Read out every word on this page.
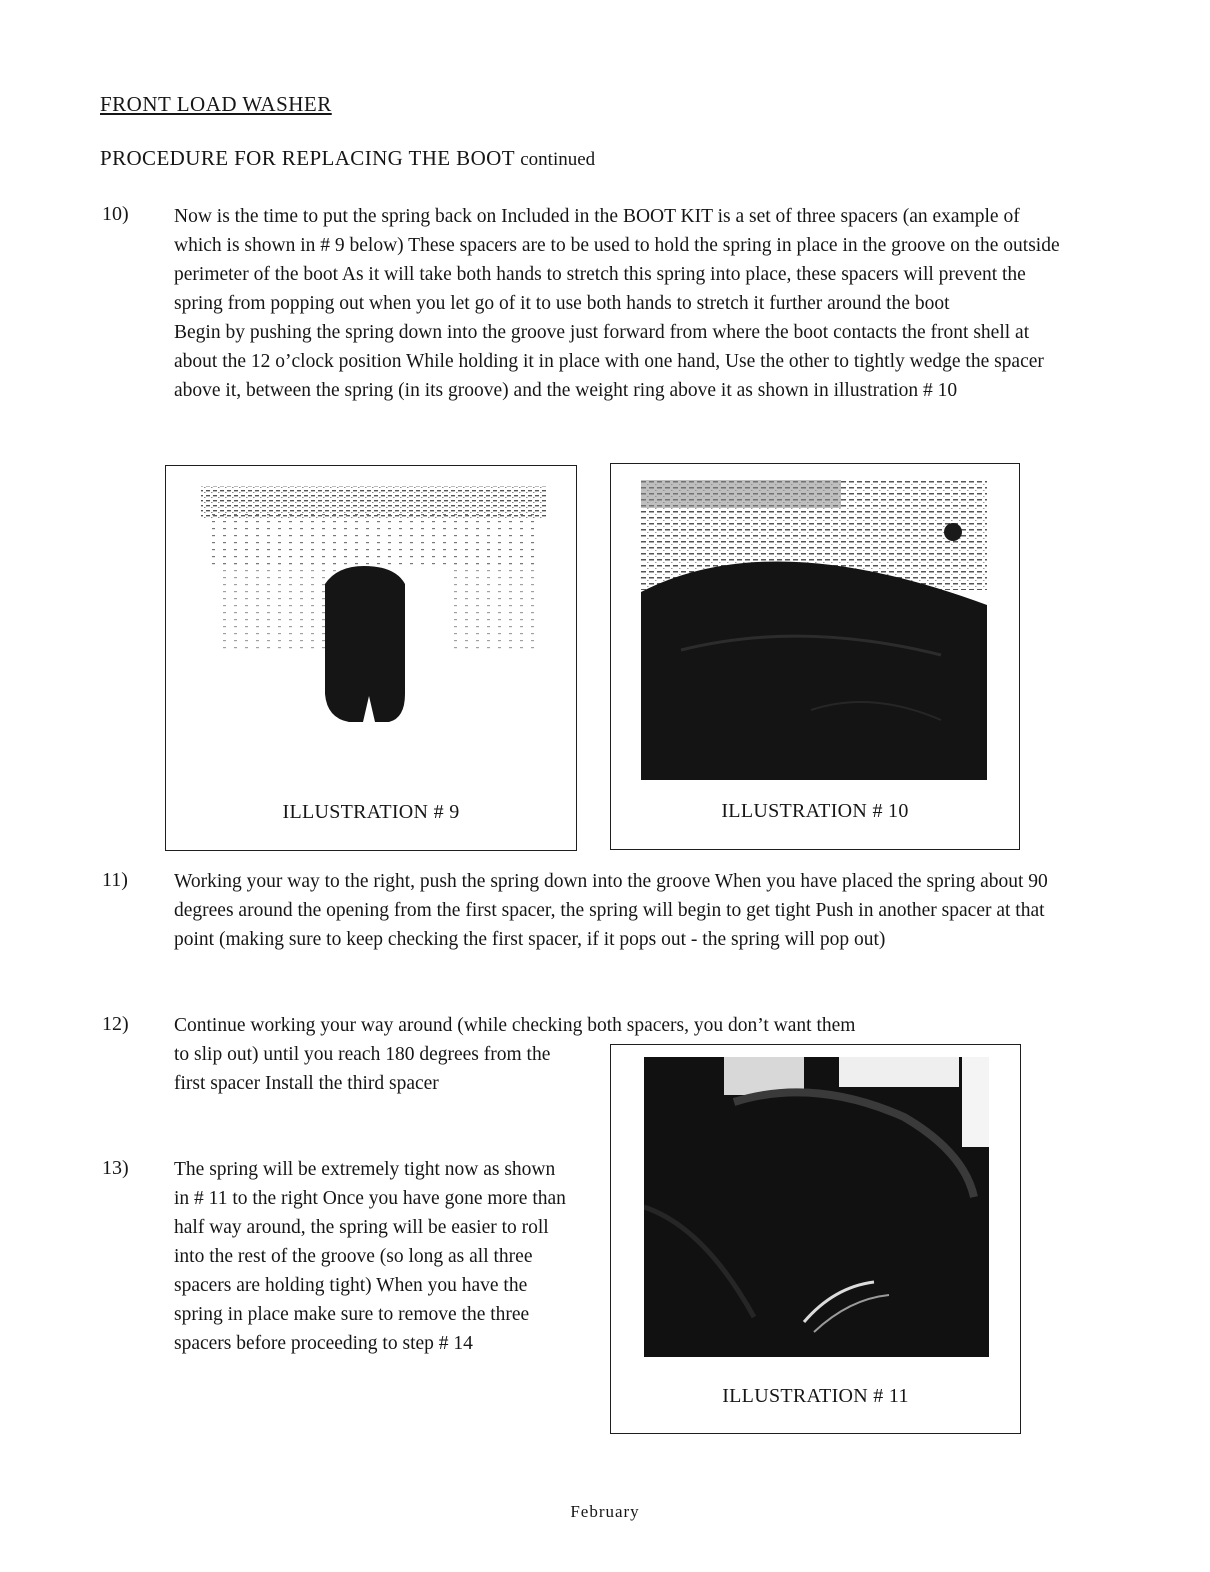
FRONT LOAD WASHER
PROCEDURE FOR REPLACING THE BOOT continued
10) Now is the time to put the spring back on Included in the BOOT KIT is a set of three spacers (an example of which is shown in # 9 below) These spacers are to be used to hold the spring in place in the groove on the outside perimeter of the boot As it will take both hands to stretch this spring into place, these spacers will prevent the spring from popping out when you let go of it to use both hands to stretch it further around the boot

Begin by pushing the spring down into the groove just forward from where the boot contacts the front shell at about the 12 o’clock position While holding it in place with one hand, Use the other to tightly wedge the spacer above it, between the spring (in its groove) and the weight ring above it as shown in illustration # 10

ILLUSTRATION # 9	ILLUSTRATION # 10
11) Working your way to the right, push the spring down into the groove When you have placed the spring about 90 degrees around the opening from the first spacer, the spring will begin to get tight Push in another spacer at that point (making sure to keep checking the first spacer, if it pops out - the spring will pop out)

12) Continue working your way around (while checking both spacers, you don’t want them
to slip out) until you reach 180 degrees from the first spacer Install the third spacer
13) The spring will be extremely tight now as shown in # 11 to the right Once you have gone more than half way around, the spring will be easier to roll into the rest of the groove (so long as all three spacers are holding tight) When you have the spring in place make sure to remove the three spacers before proceeding to step # 14

ILLUSTRATION # 11
February
